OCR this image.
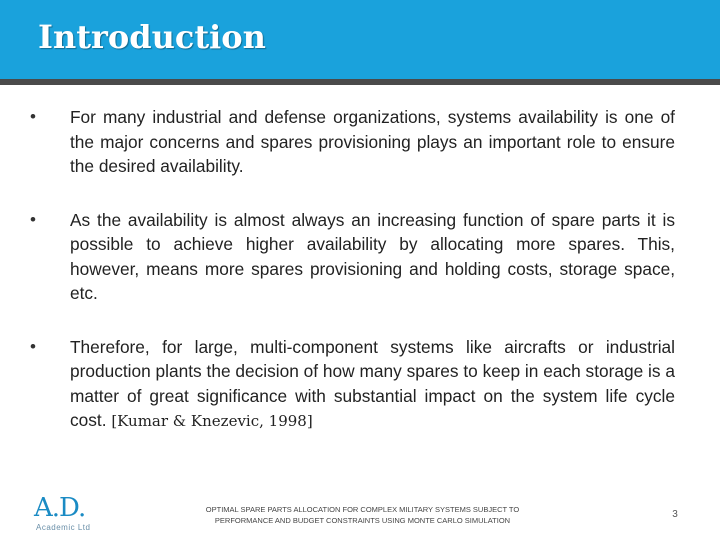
Introduction
•	For many industrial and defense organizations, systems availability is one of the major concerns and spares provisioning plays an important role to ensure the desired availability.
•	As the availability is almost always an increasing function of spare parts it is possible to achieve higher availability by allocating more spares. This, however, means more spares provisioning and holding costs, storage space, etc.
•	Therefore, for large, multi-component systems like aircrafts or industrial production plants the decision of how many spares to keep in each storage is a matter of great significance with substantial impact on the system life cycle cost. [Kumar & Knezevic, 1998]
A.D.
Academic Ltd
OPTIMAL SPARE PARTS ALLOCATION FOR COMPLEX MILITARY SYSTEMS SUBJECT TO
PERFORMANCE AND BUDGET CONSTRAINTS USING MONTE CARLO SIMULATION	3
